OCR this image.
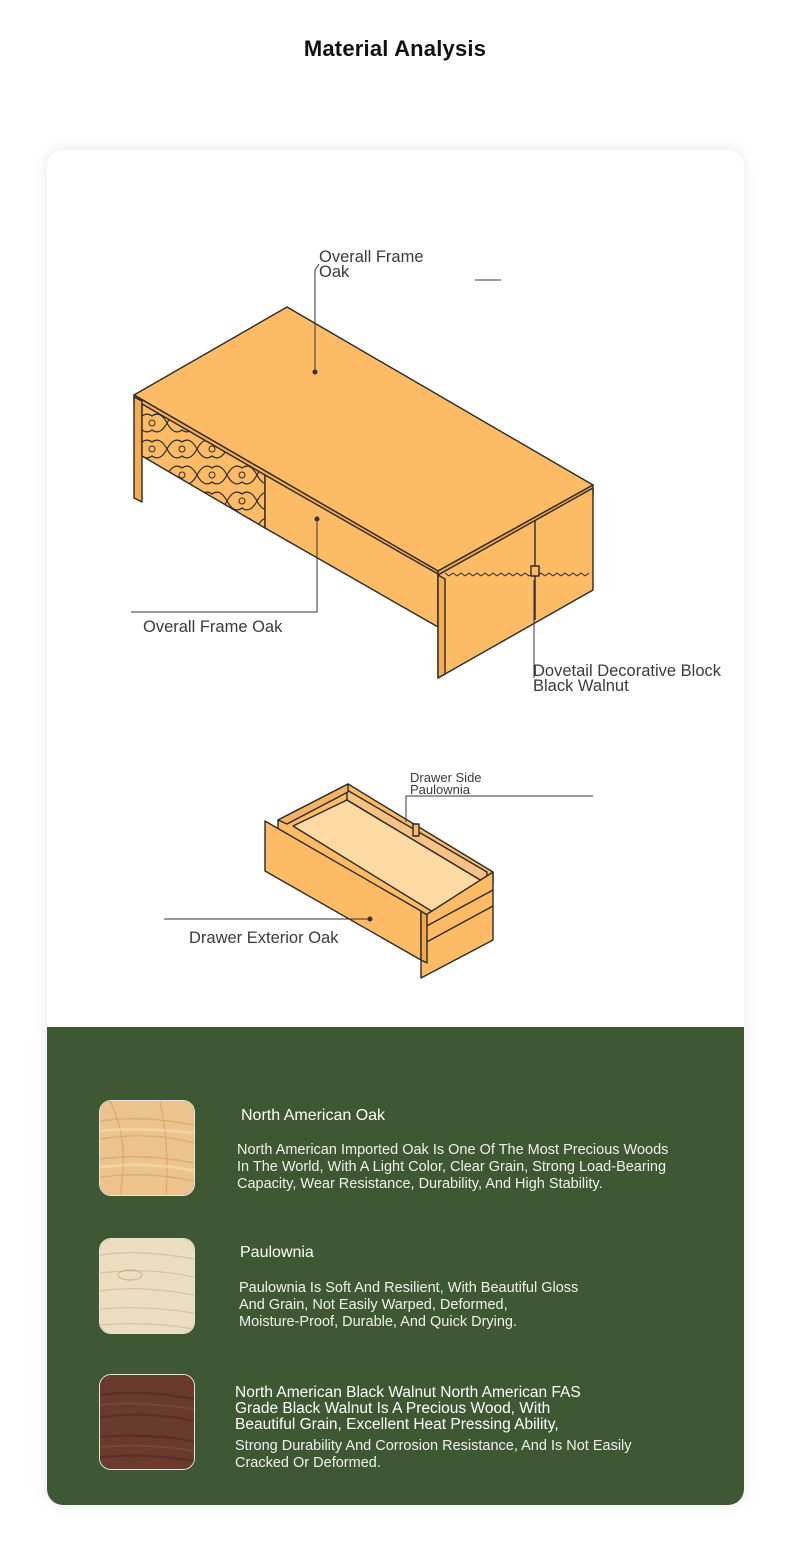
Material Analysis
Overall Frame
Oak
Overall Frame Oak
Dovetail Decorative Block
Black Walnut
Drawer Side
Paulownia
Drawer Exterior Oak
North American Oak
North American Imported Oak Is One Of The Most Precious Woods
In The World, With A Light Color, Clear Grain, Strong Load-Bearing
Capacity, Wear Resistance, Durability, And High Stability.
Paulownia
Paulownia Is Soft And Resilient, With Beautiful Gloss
And Grain, Not Easily Warped, Deformed,
Moisture-Proof, Durable, And Quick Drying.
North American Black Walnut North American FAS
Grade Black Walnut Is A Precious Wood, With
Beautiful Grain, Excellent Heat Pressing Ability,
Strong Durability And Corrosion Resistance, And Is Not Easily
Cracked Or Deformed.
